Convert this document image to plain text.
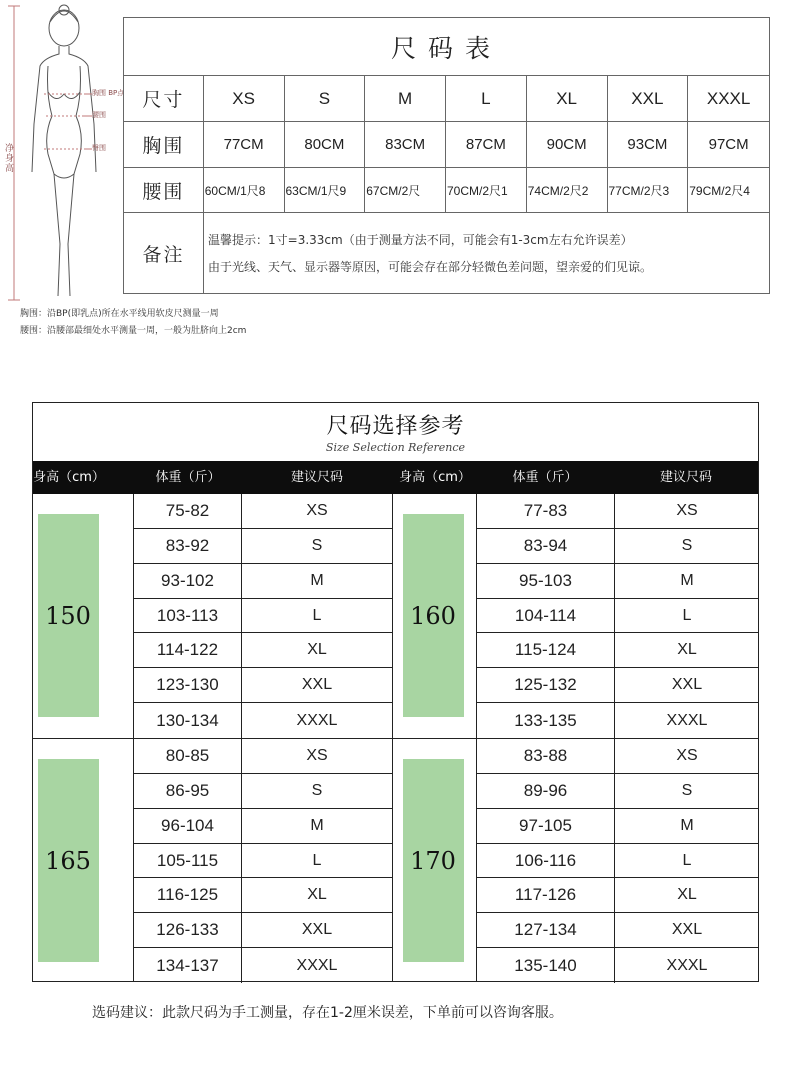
净身高
胸围 BP点
腰围
臀围
胸围：沿BP(即乳点)所在水平线用软皮尺测量一周
腰围：沿腰部最细处水平测量一周，一般为肚脐向上2cm
尺码表
尺寸	XS	S	M	L	XL	XXL	XXXL
胸围	77CM	80CM	83CM	87CM	90CM	93CM	97CM
腰围	60CM/1尺8	63CM/1尺9	67CM/2尺	70CM/2尺1	74CM/2尺2	77CM/2尺3	79CM/2尺4
备注
温馨提示：1寸=3.33cm（由于测量方法不同，可能会有1-3cm左右允许误差）
由于光线、天气、显示器等原因，可能会存在部分轻微色差问题，望亲爱的们见谅。
尺码选择参考
Size Selection Reference
身高（cm）	体重（斤）	建议尺码	身高（cm）	体重（斤）	建议尺码
150
75-82	XS
83-92	S
93-102	M
103-113	L
114-122	XL
123-130	XXL
130-134	XXXL
160
77-83	XS
83-94	S
95-103	M
104-114	L
115-124	XL
125-132	XXL
133-135	XXXL
165
80-85	XS
86-95	S
96-104	M
105-115	L
116-125	XL
126-133	XXL
134-137	XXXL
170
83-88	XS
89-96	S
97-105	M
106-116	L
117-126	XL
127-134	XXL
135-140	XXXL
选码建议：此款尺码为手工测量，存在1-2厘米误差，下单前可以咨询客服。
